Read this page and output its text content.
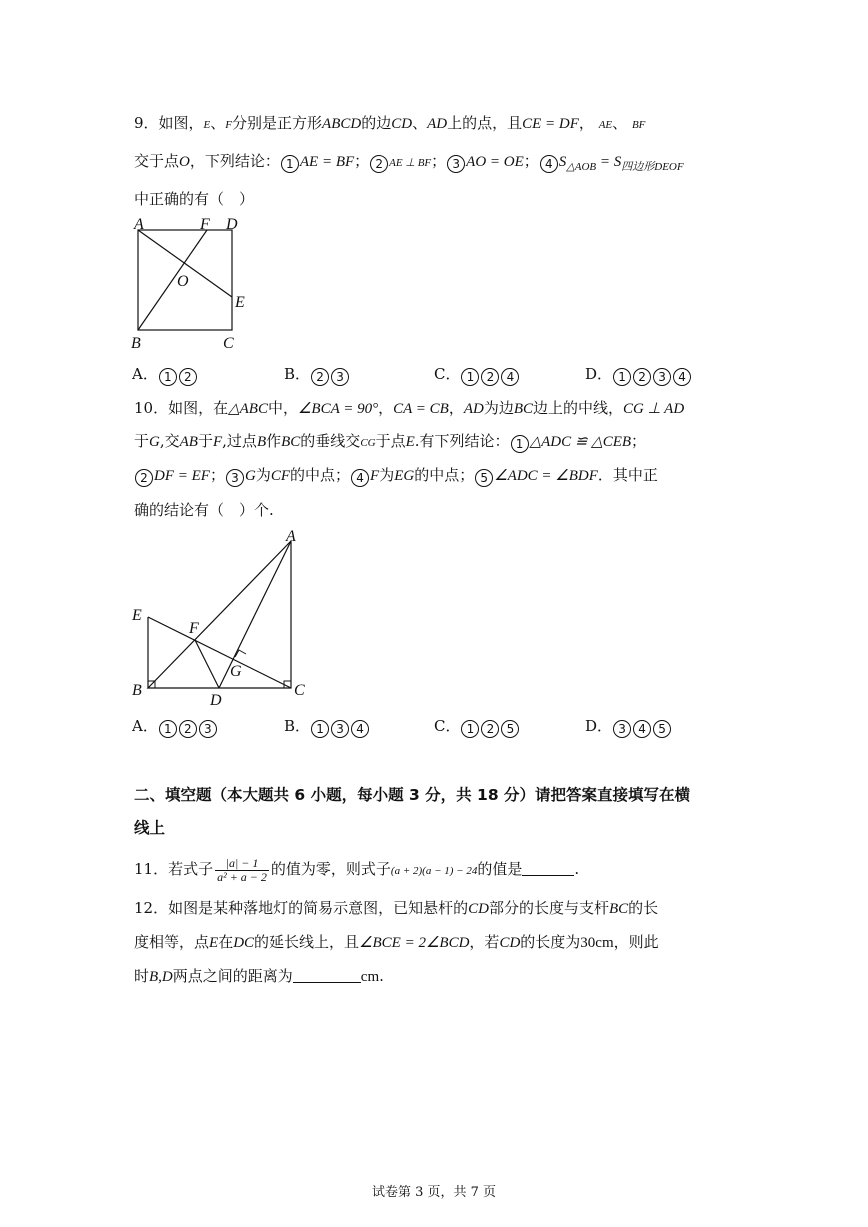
9．如图，E、F分别是正方形ABCD的边CD、AD上的点，且CE = DF， AE、 BF
交于点O，下列结论： 1 AE = BF； 2 AE ⊥ BF； 3 AO = OE； 4 $S_{\triangle AOB} = S_{四边形DEOF}$
中正确的有（　）
A	F D
O
E
B	C
A． 1 2	B． 2 3	C． 1 2 4	D． 1 2 3 4
10．如图，在△ABC中，∠BCA = 90°，CA = CB，AD为边BC边上的中线，CG ⊥ AD
于G,交AB于F,过点B作BC的垂线交CG于点E.有下列结论： 1 △ADC ≌ △CEB；
2 DF = EF； 3 G为CF的中点； 4 F为EG的中点； 5 ∠ADC = ∠BDF．其中正
确的结论有（　）个.
A
E
F
G
B
D
C
A． 1 2 3	B． 1 3 4	C． 1 2 5	D． 3 4 5
二、填空题（本大题共 6 小题，每小题 3 分，共 18 分）请把答案直接填写在横
线上
11．若式子 $\frac{|a| - 1}{\text{a² + a − 2}}$ 的值为零，则式子(a + 2)(a − 1) − 24的值是	.
12．如图是某种落地灯的简易示意图，已知悬杆的CD部分的长度与支杆BC的长
度相等，点E在DC的延长线上，且∠BCE = 2∠BCD，若CD的长度为30cm，则此
时B,D两点之间的距离为	cm.
试卷第 3 页，共 7 页
